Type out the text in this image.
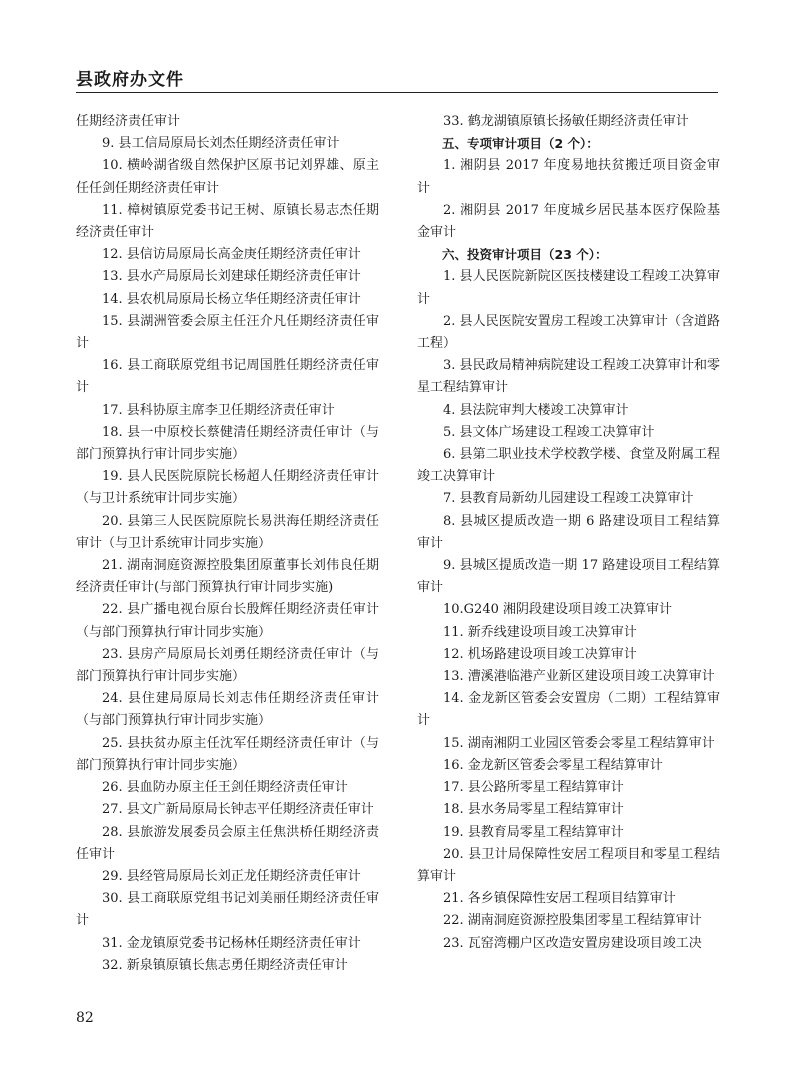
县政府办文件

任期经济责任审计

9. 县工信局原局长刘杰任期经济责任审计

10. 横岭湖省级自然保护区原书记刘界雄、原主任任剑任期经济责任审计

11. 樟树镇原党委书记王树、原镇长易志杰任期经济责任审计

12. 县信访局原局长高金庚任期经济责任审计

13. 县水产局原局长刘建球任期经济责任审计

14. 县农机局原局长杨立华任期经济责任审计

15. 县湖洲管委会原主任汪介凡任期经济责任审计

16. 县工商联原党组书记周国胜任期经济责任审计

17. 县科协原主席李卫任期经济责任审计

18. 县一中原校长蔡健清任期经济责任审计（与部门预算执行审计同步实施）

19. 县人民医院原院长杨超人任期经济责任审计（与卫计系统审计同步实施）

20. 县第三人民医院原院长易洪海任期经济责任审计（与卫计系统审计同步实施）

21. 湖南洞庭资源控股集团原董事长刘伟良任期经济责任审计(与部门预算执行审计同步实施)

22. 县广播电视台原台长殷辉任期经济责任审计（与部门预算执行审计同步实施）

23. 县房产局原局长刘勇任期经济责任审计（与部门预算执行审计同步实施）

24. 县住建局原局长刘志伟任期经济责任审计（与部门预算执行审计同步实施）

25. 县扶贫办原主任沈军任期经济责任审计（与部门预算执行审计同步实施）

26. 县血防办原主任王剑任期经济责任审计

27. 县文广新局原局长钟志平任期经济责任审计

28. 县旅游发展委员会原主任焦洪桥任期经济责任审计

29. 县经管局原局长刘正龙任期经济责任审计

30. 县工商联原党组书记刘美丽任期经济责任审计

31. 金龙镇原党委书记杨林任期经济责任审计

32. 新泉镇原镇长焦志勇任期经济责任审计

33. 鹤龙湖镇原镇长扬敏任期经济责任审计

五、专项审计项目（2 个）：

1. 湘阴县 2017 年度易地扶贫搬迁项目资金审计

2. 湘阴县 2017 年度城乡居民基本医疗保险基金审计

六、投资审计项目（23 个）：

1. 县人民医院新院区医技楼建设工程竣工决算审计

2. 县人民医院安置房工程竣工决算审计（含道路工程）

3. 县民政局精神病院建设工程竣工决算审计和零星工程结算审计

4. 县法院审判大楼竣工决算审计

5. 县文体广场建设工程竣工决算审计

6. 县第二职业技术学校教学楼、食堂及附属工程竣工决算审计

7. 县教育局新幼儿园建设工程竣工决算审计

8. 县城区提质改造一期 6 路建设项目工程结算审计

9. 县城区提质改造一期 17 路建设项目工程结算审计

10.G240 湘阴段建设项目竣工决算审计

11. 新乔线建设项目竣工决算审计

12. 机场路建设项目竣工决算审计

13. 漕溪港临港产业新区建设项目竣工决算审计

14. 金龙新区管委会安置房（二期）工程结算审计

15. 湖南湘阴工业园区管委会零星工程结算审计

16. 金龙新区管委会零星工程结算审计

17. 县公路所零星工程结算审计

18. 县水务局零星工程结算审计

19. 县教育局零星工程结算审计

20. 县卫计局保障性安居工程项目和零星工程结算审计

21. 各乡镇保障性安居工程项目结算审计

22. 湖南洞庭资源控股集团零星工程结算审计

23. 瓦窑湾棚户区改造安置房建设项目竣工决

82
